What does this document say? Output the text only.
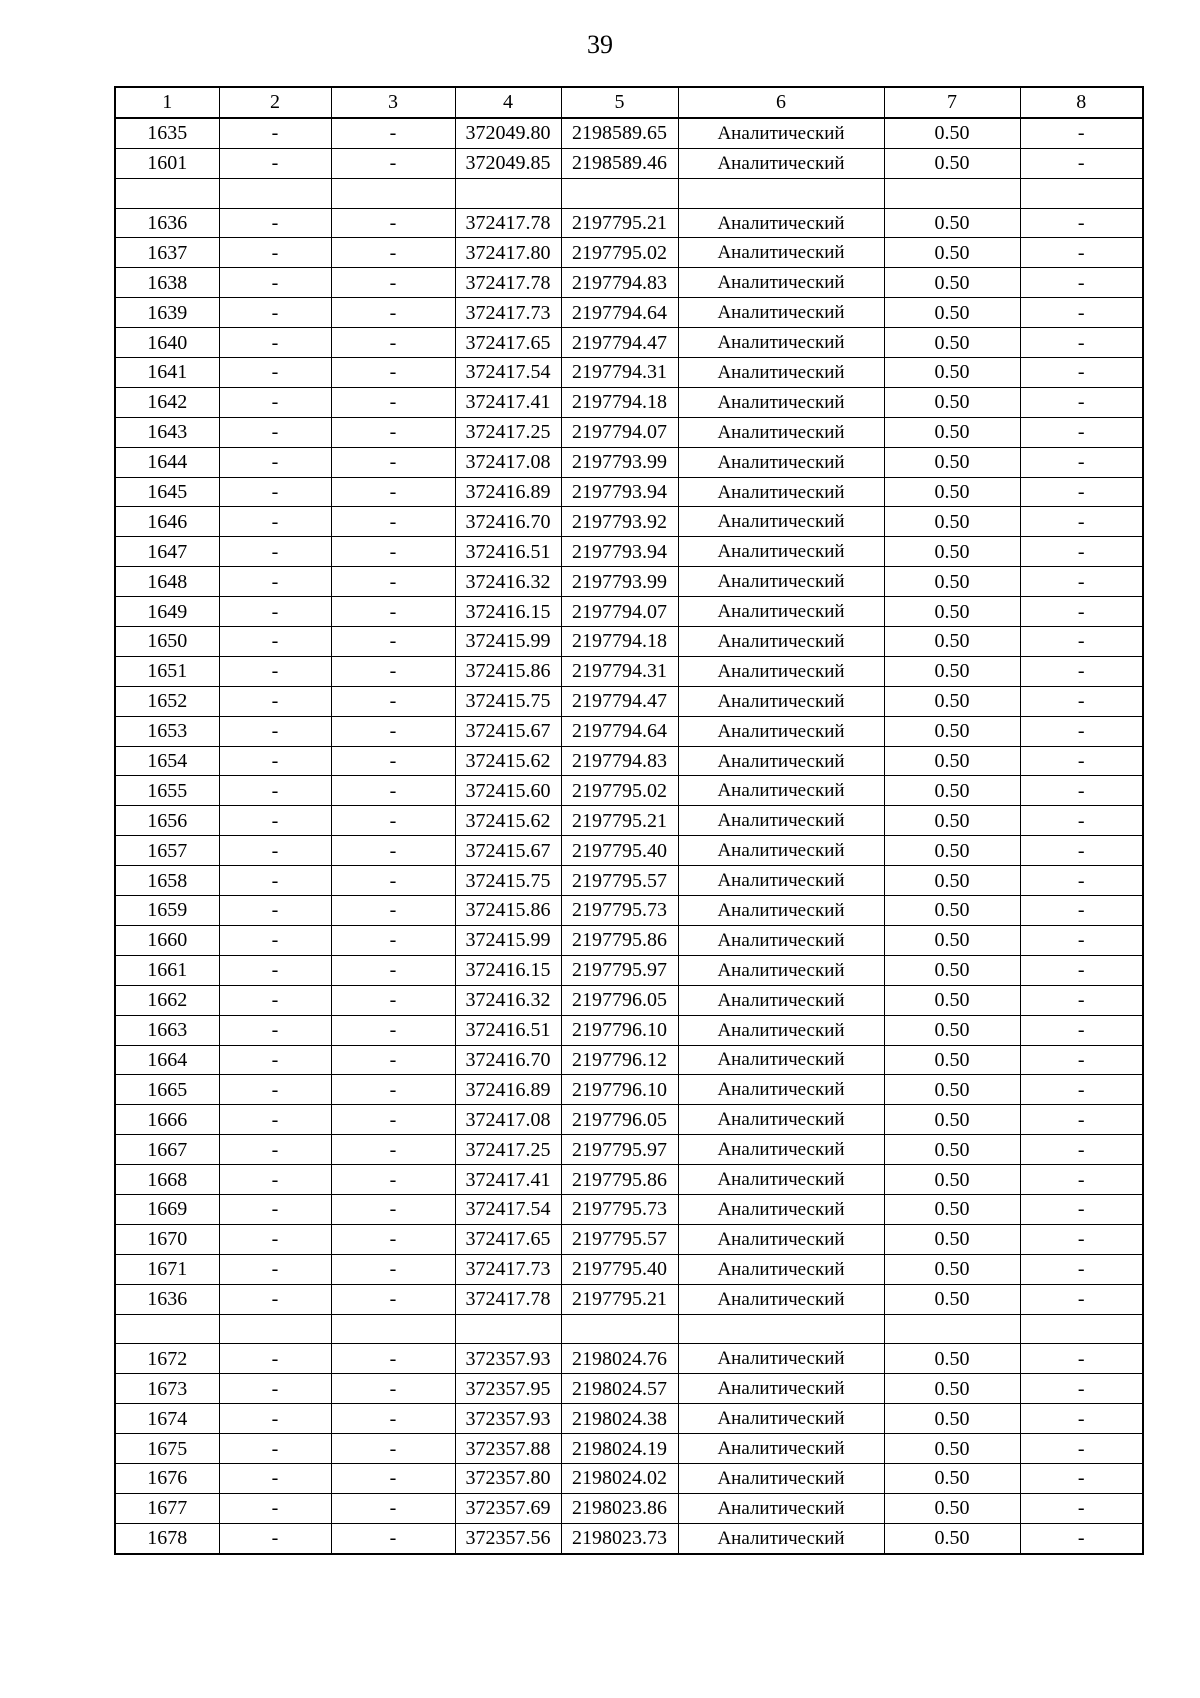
39
1	2	3	4	5	6	7	8
1635	-	-	372049.80	2198589.65	Аналитический	0.50	-
1601	-	-	372049.85	2198589.46	Аналитический	0.50	-

1636	-	-	372417.78	2197795.21	Аналитический	0.50	-
1637	-	-	372417.80	2197795.02	Аналитический	0.50	-
1638	-	-	372417.78	2197794.83	Аналитический	0.50	-
1639	-	-	372417.73	2197794.64	Аналитический	0.50	-
1640	-	-	372417.65	2197794.47	Аналитический	0.50	-
1641	-	-	372417.54	2197794.31	Аналитический	0.50	-
1642	-	-	372417.41	2197794.18	Аналитический	0.50	-
1643	-	-	372417.25	2197794.07	Аналитический	0.50	-
1644	-	-	372417.08	2197793.99	Аналитический	0.50	-
1645	-	-	372416.89	2197793.94	Аналитический	0.50	-
1646	-	-	372416.70	2197793.92	Аналитический	0.50	-
1647	-	-	372416.51	2197793.94	Аналитический	0.50	-
1648	-	-	372416.32	2197793.99	Аналитический	0.50	-
1649	-	-	372416.15	2197794.07	Аналитический	0.50	-
1650	-	-	372415.99	2197794.18	Аналитический	0.50	-
1651	-	-	372415.86	2197794.31	Аналитический	0.50	-
1652	-	-	372415.75	2197794.47	Аналитический	0.50	-
1653	-	-	372415.67	2197794.64	Аналитический	0.50	-
1654	-	-	372415.62	2197794.83	Аналитический	0.50	-
1655	-	-	372415.60	2197795.02	Аналитический	0.50	-
1656	-	-	372415.62	2197795.21	Аналитический	0.50	-
1657	-	-	372415.67	2197795.40	Аналитический	0.50	-
1658	-	-	372415.75	2197795.57	Аналитический	0.50	-
1659	-	-	372415.86	2197795.73	Аналитический	0.50	-
1660	-	-	372415.99	2197795.86	Аналитический	0.50	-
1661	-	-	372416.15	2197795.97	Аналитический	0.50	-
1662	-	-	372416.32	2197796.05	Аналитический	0.50	-
1663	-	-	372416.51	2197796.10	Аналитический	0.50	-
1664	-	-	372416.70	2197796.12	Аналитический	0.50	-
1665	-	-	372416.89	2197796.10	Аналитический	0.50	-
1666	-	-	372417.08	2197796.05	Аналитический	0.50	-
1667	-	-	372417.25	2197795.97	Аналитический	0.50	-
1668	-	-	372417.41	2197795.86	Аналитический	0.50	-
1669	-	-	372417.54	2197795.73	Аналитический	0.50	-
1670	-	-	372417.65	2197795.57	Аналитический	0.50	-
1671	-	-	372417.73	2197795.40	Аналитический	0.50	-
1636	-	-	372417.78	2197795.21	Аналитический	0.50	-

1672	-	-	372357.93	2198024.76	Аналитический	0.50	-
1673	-	-	372357.95	2198024.57	Аналитический	0.50	-
1674	-	-	372357.93	2198024.38	Аналитический	0.50	-
1675	-	-	372357.88	2198024.19	Аналитический	0.50	-
1676	-	-	372357.80	2198024.02	Аналитический	0.50	-
1677	-	-	372357.69	2198023.86	Аналитический	0.50	-
1678	-	-	372357.56	2198023.73	Аналитический	0.50	-
